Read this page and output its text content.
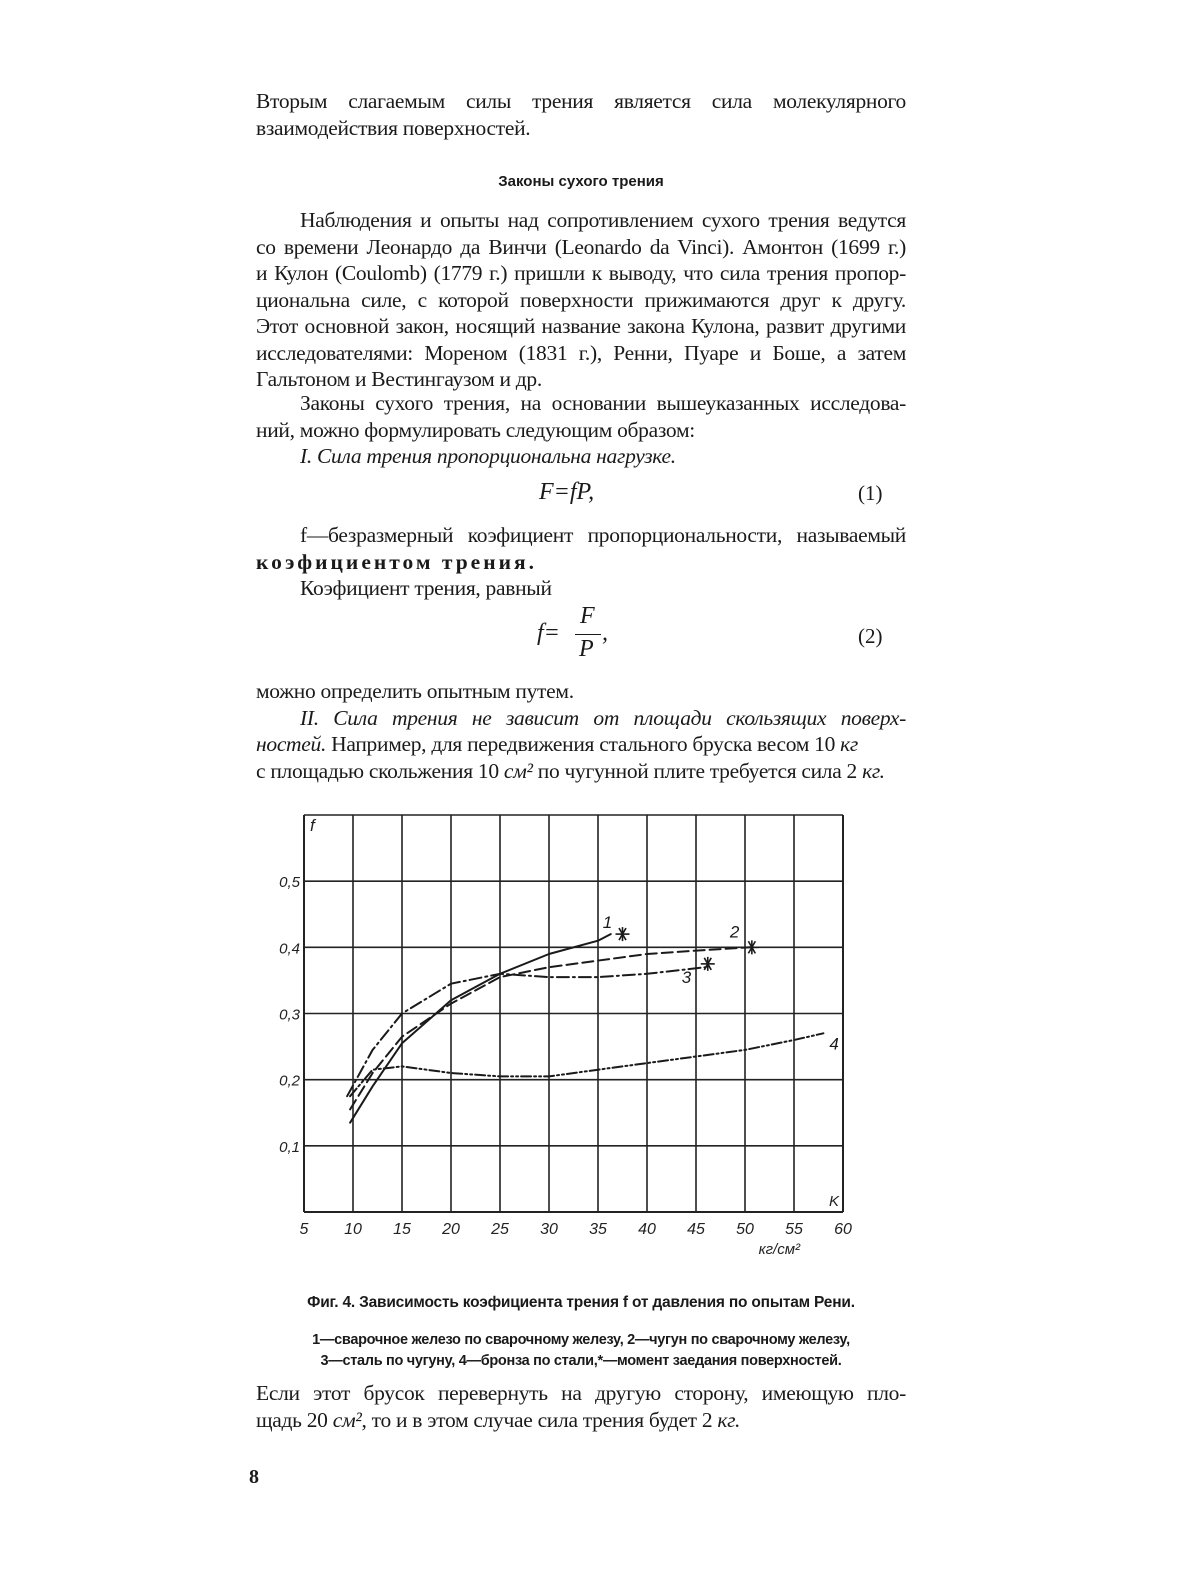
Вторым слагаемым силы трения является сила молекулярного
взаимодействия поверхностей.
Законы сухого трения
Наблюдения и опыты над сопротивлением сухого трения ведутся
со времени Леонардо да Винчи (Leonardo da Vinci). Амонтон (1699 г.)
и Кулон (Coulomb) (1779 г.) пришли к выводу, что сила трения пропор-
циональна силе, с которой поверхности прижимаются друг к другу.
Этот основной закон, носящий название закона Кулона, развит другими
исследователями: Мореном (1831 г.), Ренни, Пуаре и Боше, а затем
Гальтоном и Вестингаузом и др.
Законы сухого трения, на основании вышеуказанных исследова-
ний, можно формулировать следующим образом:
I. Сила трения пропорциональна нагрузке.
F=fP,	(1)
f—безразмерный коэфициент пропорциональности, называемый
коэфициентом трения.
Коэфициент трения, равный
f=
F
P
,	(2)
можно определить опытным путем.
II. Сила трения не зависит от площади скользящих поверх-
ностей. Например, для передвижения стального бруска весом 10 кг
с площадью скольжения 10 см² по чугунной плите требуется сила 2 кг.
5 10 15 20 25 30 35 40 45 50 55 60
0,1
0,2
0,3
0,4
0,5
f
K
кг/см²
1	2
3
4
Фиг. 4. Зависимость коэфициента трения f от давления по опытам Рени.
1—сварочное железо по сварочному железу, 2—чугун по сварочному железу,
3—сталь по чугуну, 4—бронза по стали,*—момент заедания поверхностей.
Если этот брусок перевернуть на другую сторону, имеющую пло-
щадь 20 см², то и в этом случае сила трения будет 2 кг.
8
